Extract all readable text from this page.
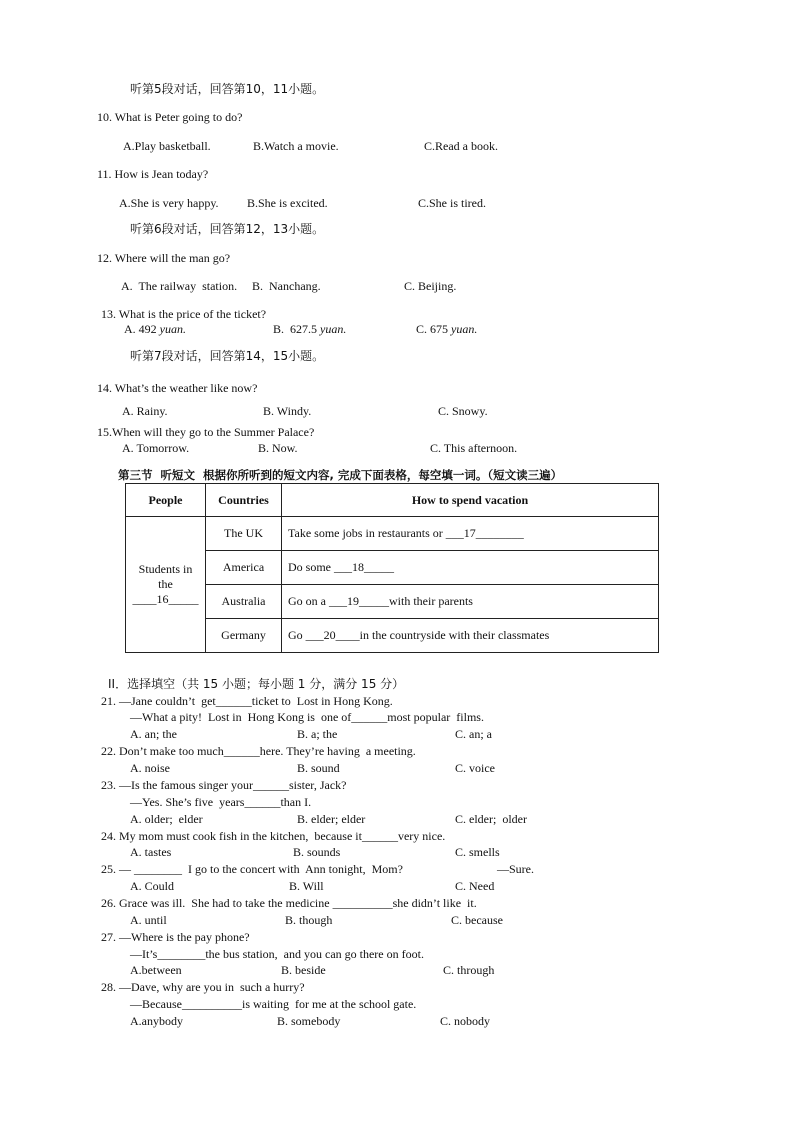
听第5段对话，回答第10，11小题。
10. What is Peter going to do?
A.Play basketball.	B.Watch a movie.	C.Read a book.
11. How is Jean today?
A.She is very happy. B.She is excited.	C.She is tired.
听第6段对话，回答第12，13小题。
12. Where will the man go?
A.  The railway  station. B.  Nanchang.	C. Beijing.
13. What is the price of the ticket?
A. 492 yuan.	B.  627.5 yuan.	C. 675 yuan.
听第7段对话，回答第14，15小题。
14. What’s the weather like now?
A. Rainy.	B. Windy.	C. Snowy.
15.When will they go to the Summer Palace?
A. Tomorrow.	B. Now.	C. This afternoon.
第三节  听短文  根据你所听到的短文内容, 完成下面表格，每空填一词。（短文读三遍）
People	Countries	How to spend vacation

Students in
the
____16_____	The UK	Take some jobs in restaurants or ___17________
	America	Do some ___18_____
	Australia	Go on a ___19_____with their parents
	Germany	Go ___20____in the countryside with their classmates
II．选择填空（共 15 小题；每小题 1 分，满分 15 分）
21. —Jane couldn’t  get______ticket to  Lost in Hong Kong.
—What a pity!  Lost in  Hong Kong is  one of______most popular  films.
A. an; the	B. a; the	C. an; a
22. Don’t make too much______here. They’re having  a meeting.
A. noise	B. sound	C. voice
23. —Is the famous singer your______sister, Jack?
—Yes. She’s five  years______than I.
A. older;  elder	B. elder; elder	C. elder;  older
24. My mom must cook fish in the kitchen,  because it______very nice.
A. tastes	B. sounds	C. smells
25. — ________  I go to the concert with  Ann tonight,  Mom?	—Sure.
A. Could	B. Will	C. Need
26. Grace was ill.  She had to take the medicine __________she didn’t like  it.
A. until	B. though	C. because
27. —Where is the pay phone?
—It’s________the bus station,  and you can go there on foot.
A.between	B. beside	C. through
28. —Dave, why are you in  such a hurry?
—Because__________is waiting  for me at the school gate.
A.anybody	B. somebody	C. nobody
